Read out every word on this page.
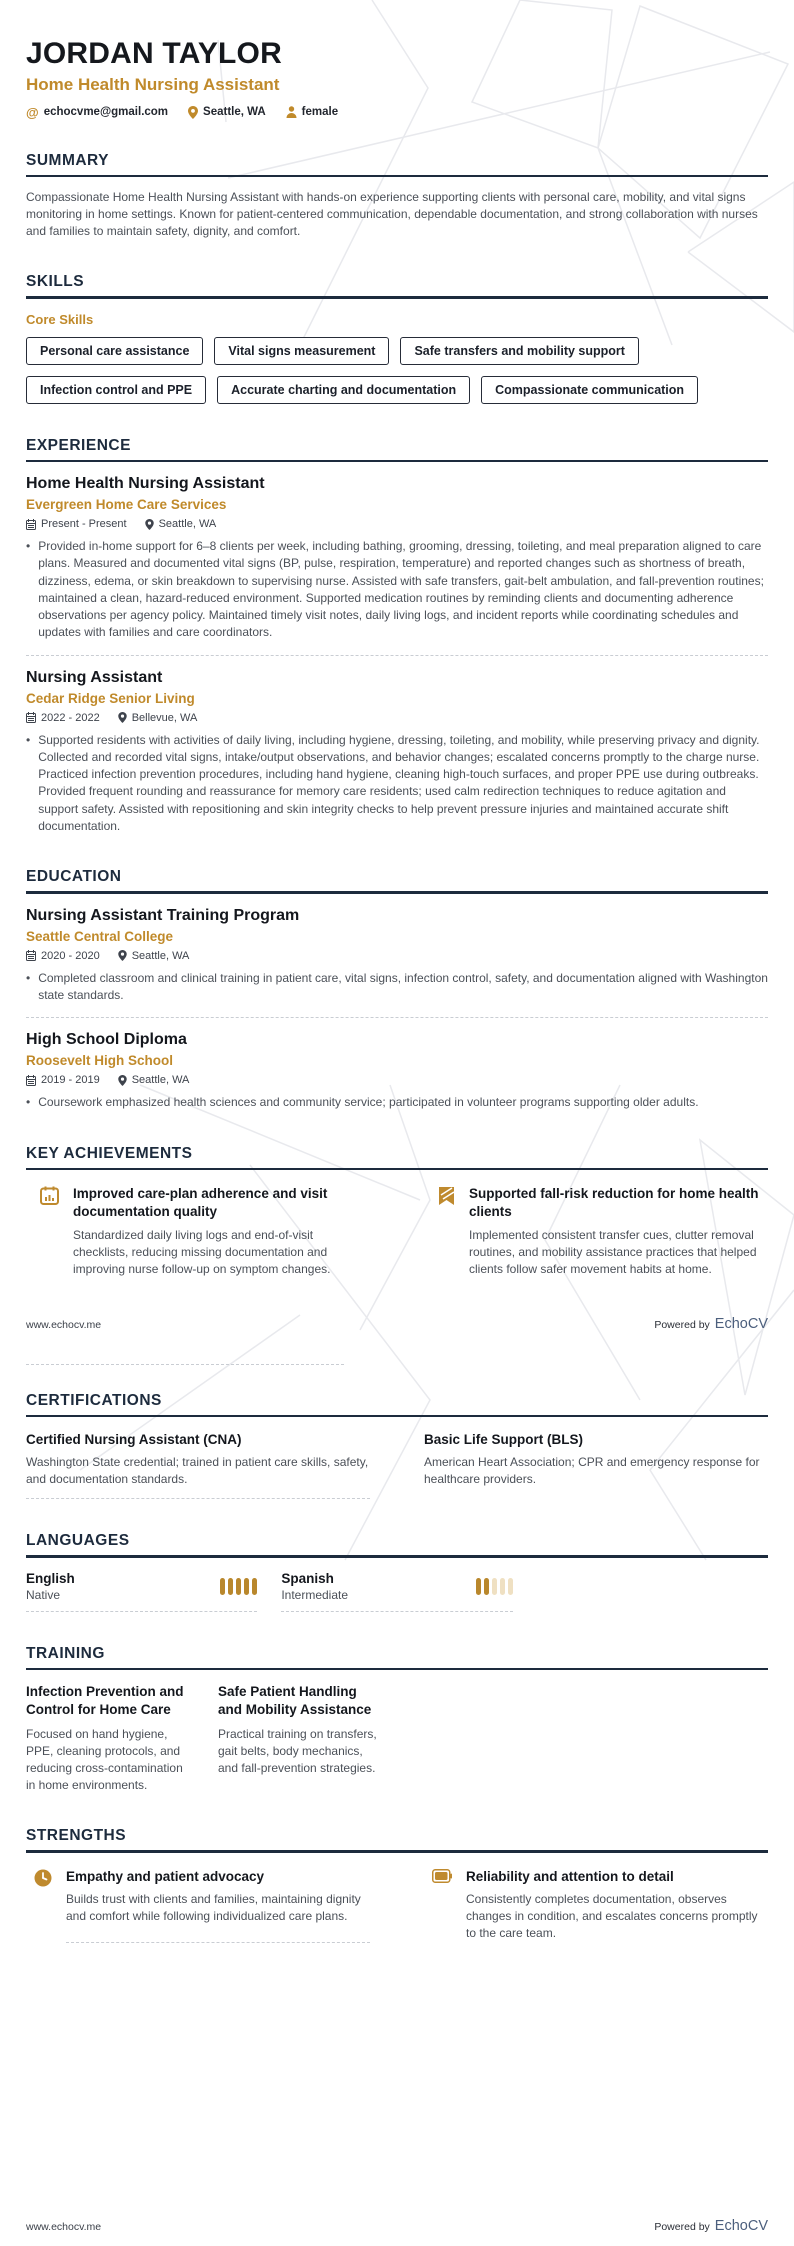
JORDAN TAYLOR
Home Health Nursing Assistant
@ echocvme@gmail.com	Seattle, WA	female
SUMMARY
Compassionate Home Health Nursing Assistant with hands-on experience supporting clients with personal care, mobility, and vital signs monitoring in home settings. Known for patient-centered communication, dependable documentation, and strong collaboration with nurses and families to maintain safety, dignity, and comfort.
SKILLS
Core Skills
Personal care assistance	Vital signs measurement	Safe transfers and mobility support
Infection control and PPE	Accurate charting and documentation	Compassionate communication
EXPERIENCE
Home Health Nursing Assistant
Evergreen Home Care Services
Present - Present	Seattle, WA
• Provided in-home support for 6–8 clients per week, including bathing, grooming, dressing, toileting, and meal preparation aligned to care plans. Measured and documented vital signs (BP, pulse, respiration, temperature) and reported changes such as shortness of breath, dizziness, edema, or skin breakdown to supervising nurse. Assisted with safe transfers, gait-belt ambulation, and fall-prevention routines; maintained a clean, hazard-reduced environment. Supported medication routines by reminding clients and documenting adherence observations per agency policy. Maintained timely visit notes, daily living logs, and incident reports while coordinating schedules and updates with families and care coordinators.
Nursing Assistant
Cedar Ridge Senior Living
2022 - 2022	Bellevue, WA
• Supported residents with activities of daily living, including hygiene, dressing, toileting, and mobility, while preserving privacy and dignity. Collected and recorded vital signs, intake/output observations, and behavior changes; escalated concerns promptly to the charge nurse. Practiced infection prevention procedures, including hand hygiene, cleaning high-touch surfaces, and proper PPE use during outbreaks. Provided frequent rounding and reassurance for memory care residents; used calm redirection techniques to reduce agitation and support safety. Assisted with repositioning and skin integrity checks to help prevent pressure injuries and maintained accurate shift documentation.
EDUCATION
Nursing Assistant Training Program
Seattle Central College
2020 - 2020	Seattle, WA
• Completed classroom and clinical training in patient care, vital signs, infection control, safety, and documentation aligned with Washington state standards.
High School Diploma
Roosevelt High School
2019 - 2019	Seattle, WA
• Coursework emphasized health sciences and community service; participated in volunteer programs supporting older adults.
KEY ACHIEVEMENTS
Improved care-plan adherence and visit documentation quality
Standardized daily living logs and end-of-visit checklists, reducing missing documentation and improving nurse follow-up on symptom changes.
Supported fall-risk reduction for home health clients
Implemented consistent transfer cues, clutter removal routines, and mobility assistance practices that helped clients follow safer movement habits at home.
www.echocv.me	Powered by EchoCV
CERTIFICATIONS
Certified Nursing Assistant (CNA)
Washington State credential; trained in patient care skills, safety, and documentation standards.
Basic Life Support (BLS)
American Heart Association; CPR and emergency response for healthcare providers.
LANGUAGES
English
Native
Spanish
Intermediate
TRAINING
Infection Prevention and Control for Home Care
Focused on hand hygiene, PPE, cleaning protocols, and reducing cross-contamination in home environments.
Safe Patient Handling and Mobility Assistance
Practical training on transfers, gait belts, body mechanics, and fall-prevention strategies.
STRENGTHS
Empathy and patient advocacy
Builds trust with clients and families, maintaining dignity and comfort while following individualized care plans.
Reliability and attention to detail
Consistently completes documentation, observes changes in condition, and escalates concerns promptly to the care team.
www.echocv.me	Powered by EchoCV
